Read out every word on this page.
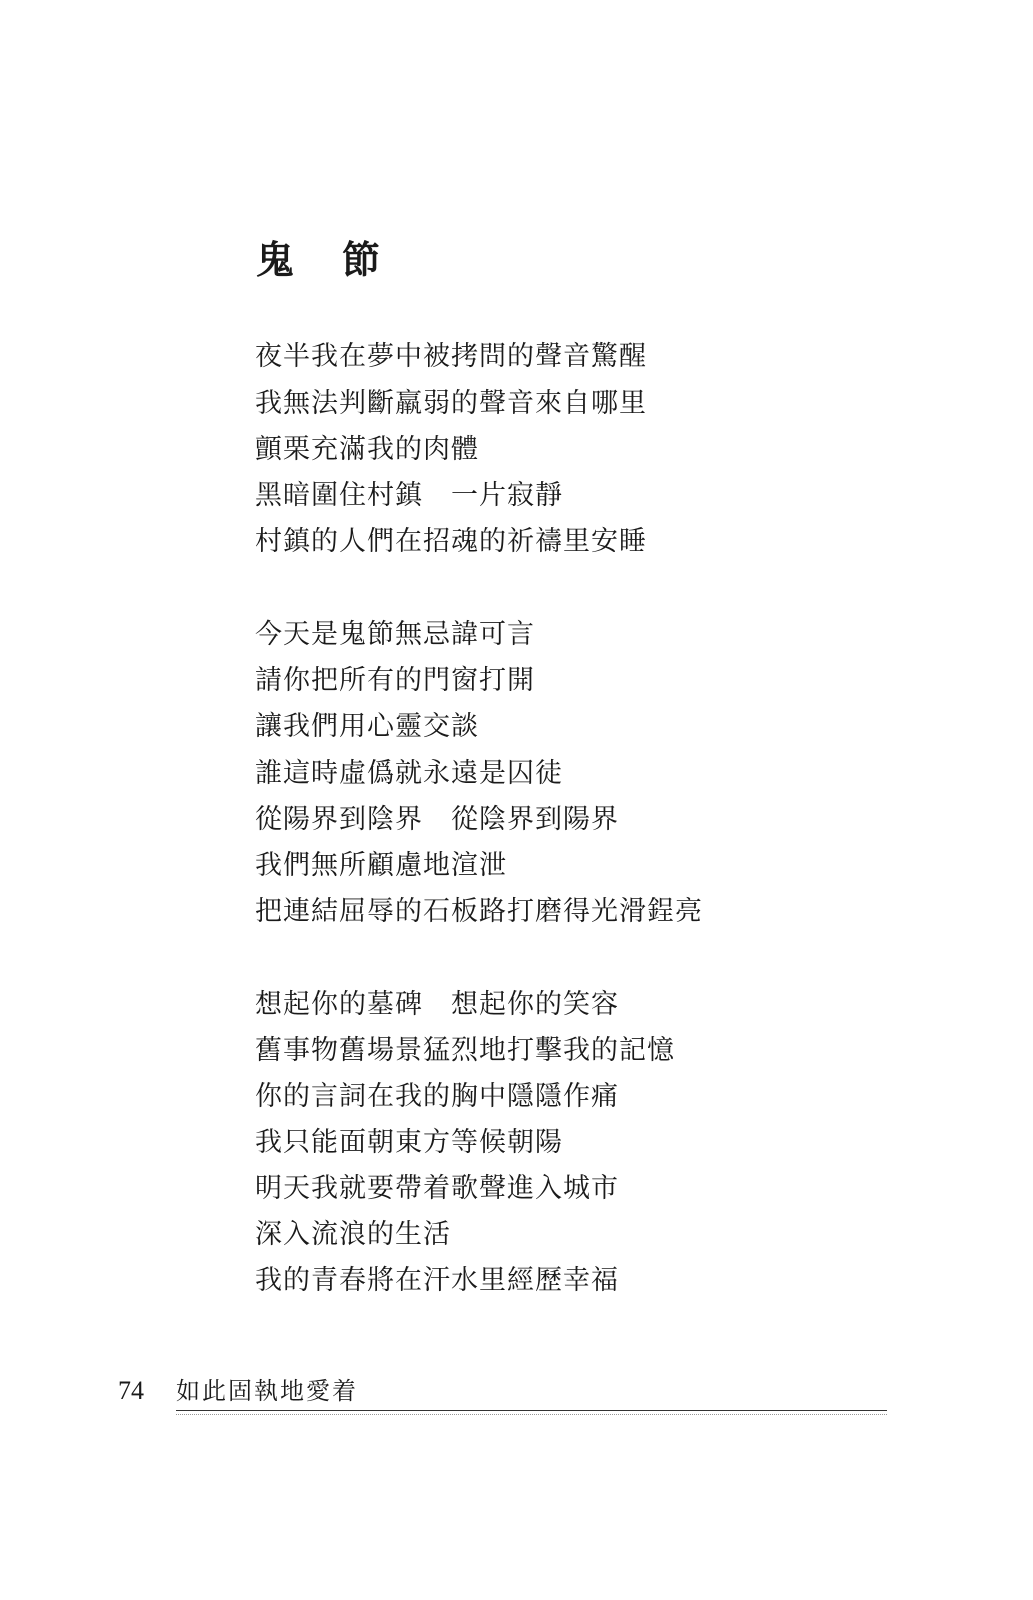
鬼節
夜半我在夢中被拷問的聲音驚醒
我無法判斷羸弱的聲音來自哪里
顫栗充滿我的肉體
黑暗圍住村鎮　一片寂靜
村鎮的人們在招魂的祈禱里安睡
今天是鬼節無忌諱可言
請你把所有的門窗打開
讓我們用心靈交談
誰這時虛僞就永遠是囚徒
從陽界到陰界　從陰界到陽界
我們無所顧慮地渲泄
把連結屈辱的石板路打磨得光滑鋥亮
想起你的墓碑　想起你的笑容
舊事物舊場景猛烈地打擊我的記憶
你的言詞在我的胸中隱隱作痛
我只能面朝東方等候朝陽
明天我就要帶着歌聲進入城市
深入流浪的生活
我的青春將在汗水里經歷幸福
74 如此固執地愛着
